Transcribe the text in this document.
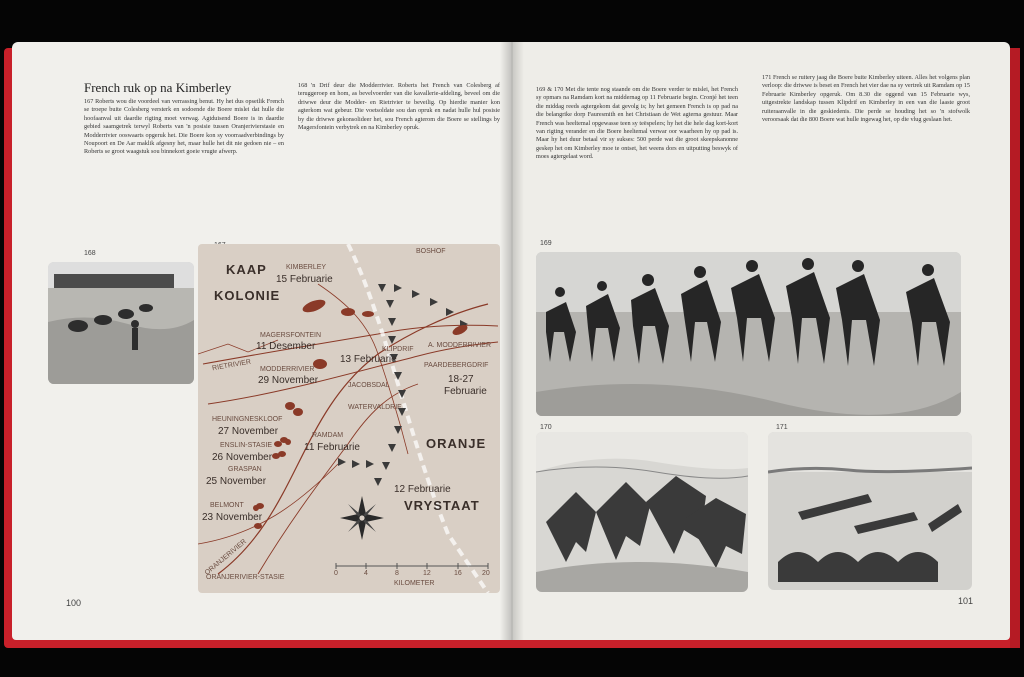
French ruk op na Kimberley
167 Roberts wou die voordeel van verrassing benut. Hy het dus opsetlik French se troepe buite Colesberg versterk en sodoende die Boere mislei dat hulle die hoofaanval uit daardie rigting moet verwag. Agtduisend Boere is in daardie gebied saamgetrek terwyl Roberts van 'n posisie tussen Oranjerivierstasie en Modderrivier ooswaarts opgeruk het. Die Boere kon sy voorraadverbindings by Noupoort en De Aar maklik afgesny het, maar hulle het dit nie gedoen nie – en Roberts se groot waagstuk sou binnekort goeie vrugte afwerp.
168 'n Drif deur die Modderrivier. Roberts het French van Colesberg af teruggeroep en hom, as bevelvoerder van die kavallerie-afdeling, beveel om die driwwe deur die Modder- en Rietrivier te beveilig. Op hierdie manier kon agterkom wat gebeur. Die voetsoldate sou dan opruk en nadat hulle hul posisie by die driwwe gekonsolideer het, sou French agterom die Boere se stellings by Magersfontein verbytrek en na Kimberley opruk.
169 & 170 Met die tente nog staande om die Boere verder te mislei, het French sy opmars na Ramdam kort na middernag op 11 Februarie begin. Cronjé het teen die middag reeds agtergekom dat gevolg is; hy het gemeen French is op pad na die belangrike dorp Fauresmith en het Christiaan de Wet agterna gestuur. Maar French was heeltemal opgewasse teen sy teëspelers; hy het die hele dag kort-kort van rigting verander en die Boere heeltemal verwar oor waarheen hy op pad is. Maar hy het duur betaal vir sy sukses: 500 perde wat die groot skeepskanonne geskep het om Kimberley moe te ontset, het weens dors en uitputting beswyk of moes agtergelaat word.
171 French se ruitery jaag die Boere buite Kimberley uiteen. Alles het volgens plan verloop: die driwwe is beset en French het vier dae na sy vertrek uit Ramdam op 15 Februarie Kimberley opgeruk. Om 8.30 die oggend van 15 Februarie wys, uitgestrekte landskap tussen Klipdrif en Kimberley in een van die laaste groot ruiteraanvalle in die geskiedenis. Die perde se houding het so 'n stofwolk veroorsaak dat die 800 Boere wat hulle ingewag het, op die vlug geslaan het.
168
169
170	171
KAAP
KOLONIE
ORANJE
VRYSTAAT
BOSHOF
KIMBERLEY
15 Februarie
MAGERSFONTEIN
11 Desember
MODDERRIVIER
29 November
KLIPDRIF
13 Februarie
A. MODDERRIVIER
PAARDEBERGDRIF
18-27
Februarie
JACOBSDAL
RIETRIVIER
WATERVALDRIF
HEUNINGNESKLOOF
27 November
ENSLIN-STASIE
26 November
RAMDAM
11 Februarie
GRASPAN
25 November
BELMONT
23 November
12 Februarie
ORANJERIVIER
ORANJERIVIER-STASIE
0	4	8	12	16	20
KILOMETER
100	101
